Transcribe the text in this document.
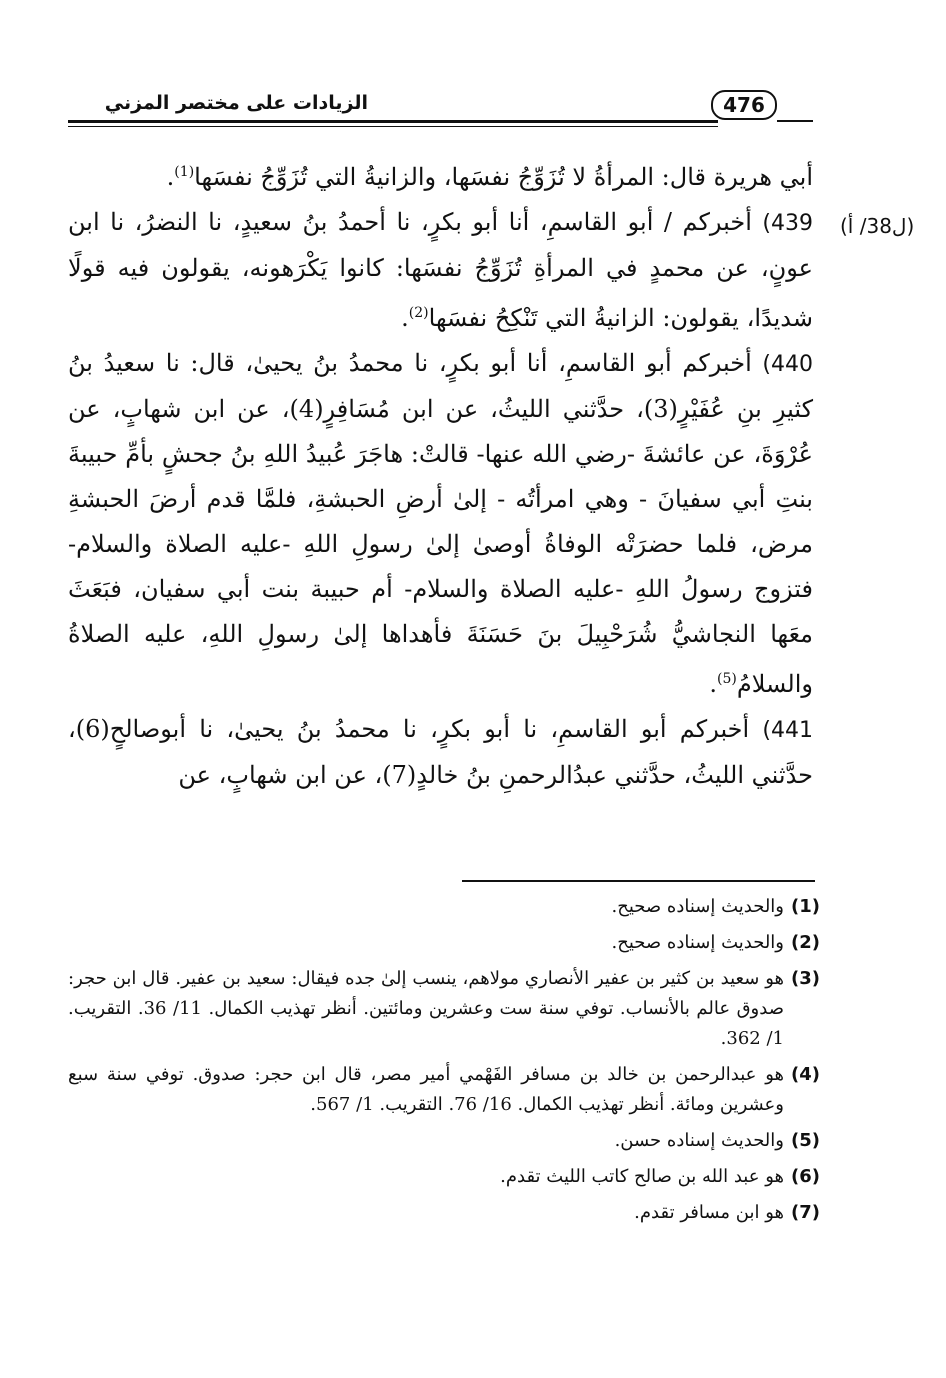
الزيادات على مختصر المزني	476
(ل38/ أ)

أبي هريرة قال: المرأةُ لا تُزَوِّجُ نفسَها، والزانيةُ التي تُزَوِّجُ نفسَها$^{(1)}$.

439) أخبركم / أبو القاسمِ، أنا أبو بكرٍ، نا أحمدُ بنُ سعيدٍ، نا النضرُ، نا ابن عونٍ، عن محمدٍ في المرأةِ تُزَوِّجُ نفسَها: كانوا يَكْرَهونه، يقولون فيه قولًا شديدًا، يقولون: الزانيةُ التي تَنْكِحُ نفسَها$^{(2)}$.

440) أخبركم أبو القاسمِ، أنا أبو بكرٍ، نا محمدُ بنُ يحيىٰ، قال: نا سعيدُ بنُ كثيرِ بنِ عُفَيْرٍ(3)، حدَّثني الليثُ، عن ابن مُسَافِرٍ(4)، عن ابن شهابٍ، عن عُرْوَةَ، عن عائشةَ -رضي الله عنها- قالتْ: هاجَرَ عُبيدُ اللهِ بنُ جحشٍ بأمِّ حبيبةَ بنتِ أبي سفيانَ - وهي امرأتُه - إلىٰ أرضِ الحبشةِ، فلمَّا قدم أرضَ الحبشةِ مرض، فلما حضرَتْه الوفاةُ أوصىٰ إلىٰ رسولِ اللهِ -عليه الصلاة والسلام- فتزوج رسولُ اللهِ -عليه الصلاة والسلام- أم حبيبة بنت أبي سفيان، فبَعَثَ معَها النجاشيُّ شُرَحْبِيلَ بنَ حَسَنَةَ فأهداها إلىٰ رسولِ اللهِ، عليه الصلاةُ والسلامُ$^{(5)}$.

441) أخبركم أبو القاسمِ، نا أبو بكرٍ، نا محمدُ بنُ يحيىٰ، نا أبوصالحٍ(6)، حدَّثني الليثُ، حدَّثني عبدُالرحمنِ بنُ خالدٍ(7)، عن ابن شهابٍ، عن

(1)
والحديث إسناده صحيح.
(2)
والحديث إسناده صحيح.
(3)
هو سعيد بن كثير بن عفير الأنصاري مولاهم، ينسب إلىٰ جده فيقال: سعيد بن عفير. قال ابن حجر: صدوق عالم بالأنساب. توفي سنة ست وعشرين ومائتين. أنظر تهذيب الكمال. 11/ 36. التقريب. 1/ 362.
(4)
هو عبدالرحمن بن خالد بن مسافر الفَهْمي أمير مصر، قال ابن حجر: صدوق. توفي سنة سبع وعشرين ومائة. أنظر تهذيب الكمال. 16/ 76. التقريب. 1/ 567.
(5)
والحديث إسناده حسن.
(6)
هو عبد الله بن صالح كاتب الليث تقدم.
(7)
هو ابن مسافر تقدم.
